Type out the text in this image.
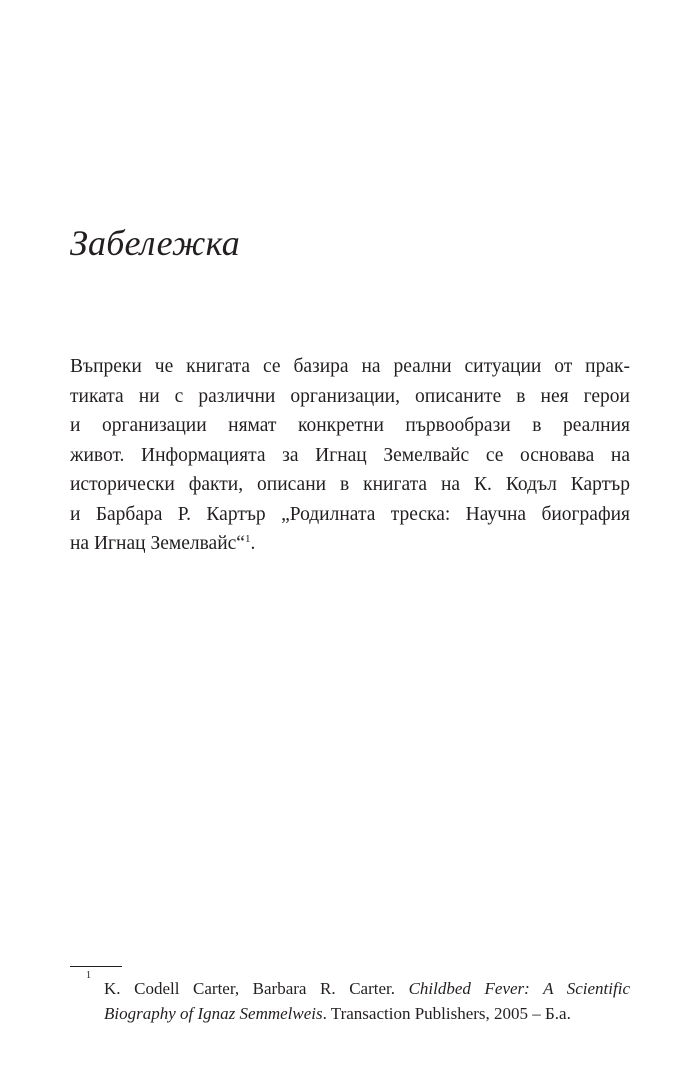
Забележка
Въпреки че книгата се базира на реални ситуации от прак-
тиката ни с различни организации, описаните в нея герои
и организации нямат конкретни първообрази в реалния
живот. Информацията за Игнац Земелвайс се основава на
исторически факти, описани в книгата на К. Кодъл Картър
и Барбара Р. Картър „Родилната треска: Научна биография
на Игнац Земелвайс“$^1$.
1
K. Codell Carter, Barbara R. Carter. Childbed Fever: A Scientific
Biography of Ignaz Semmelweis. Transaction Publishers, 2005 – Б.а.
